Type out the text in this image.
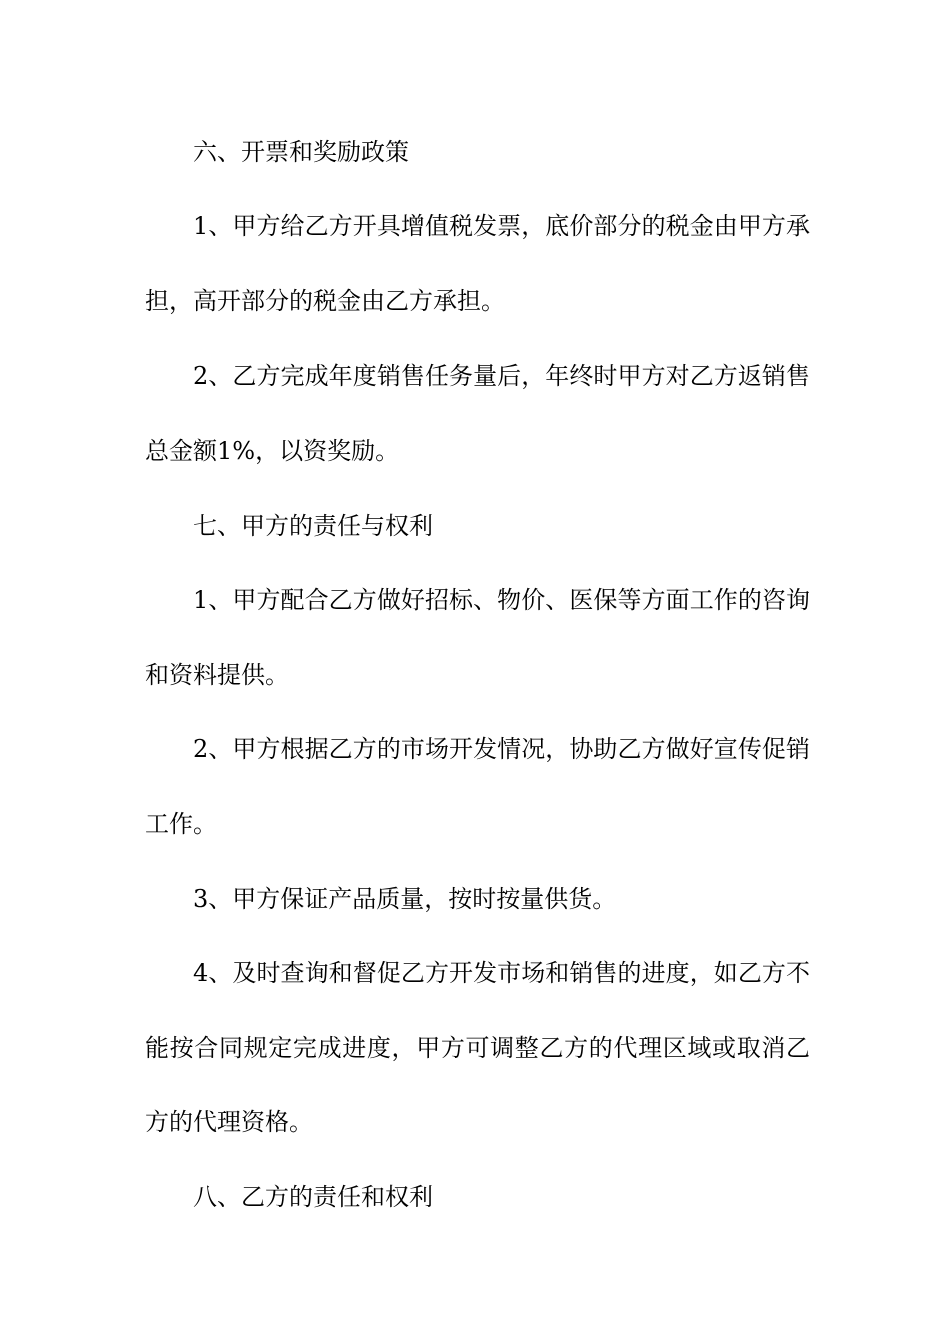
六、开票和奖励政策
1、甲方给乙方开具增值税发票，底价部分的税金由甲方承
担，高开部分的税金由乙方承担。
2、乙方完成年度销售任务量后，年终时甲方对乙方返销售
总金额1%，以资奖励。
七、甲方的责任与权利
1、甲方配合乙方做好招标、物价、医保等方面工作的咨询
和资料提供。
2、甲方根据乙方的市场开发情况，协助乙方做好宣传促销
工作。
3、甲方保证产品质量，按时按量供货。
4、及时查询和督促乙方开发市场和销售的进度，如乙方不
能按合同规定完成进度，甲方可调整乙方的代理区域或取消乙
方的代理资格。
八、乙方的责任和权利
